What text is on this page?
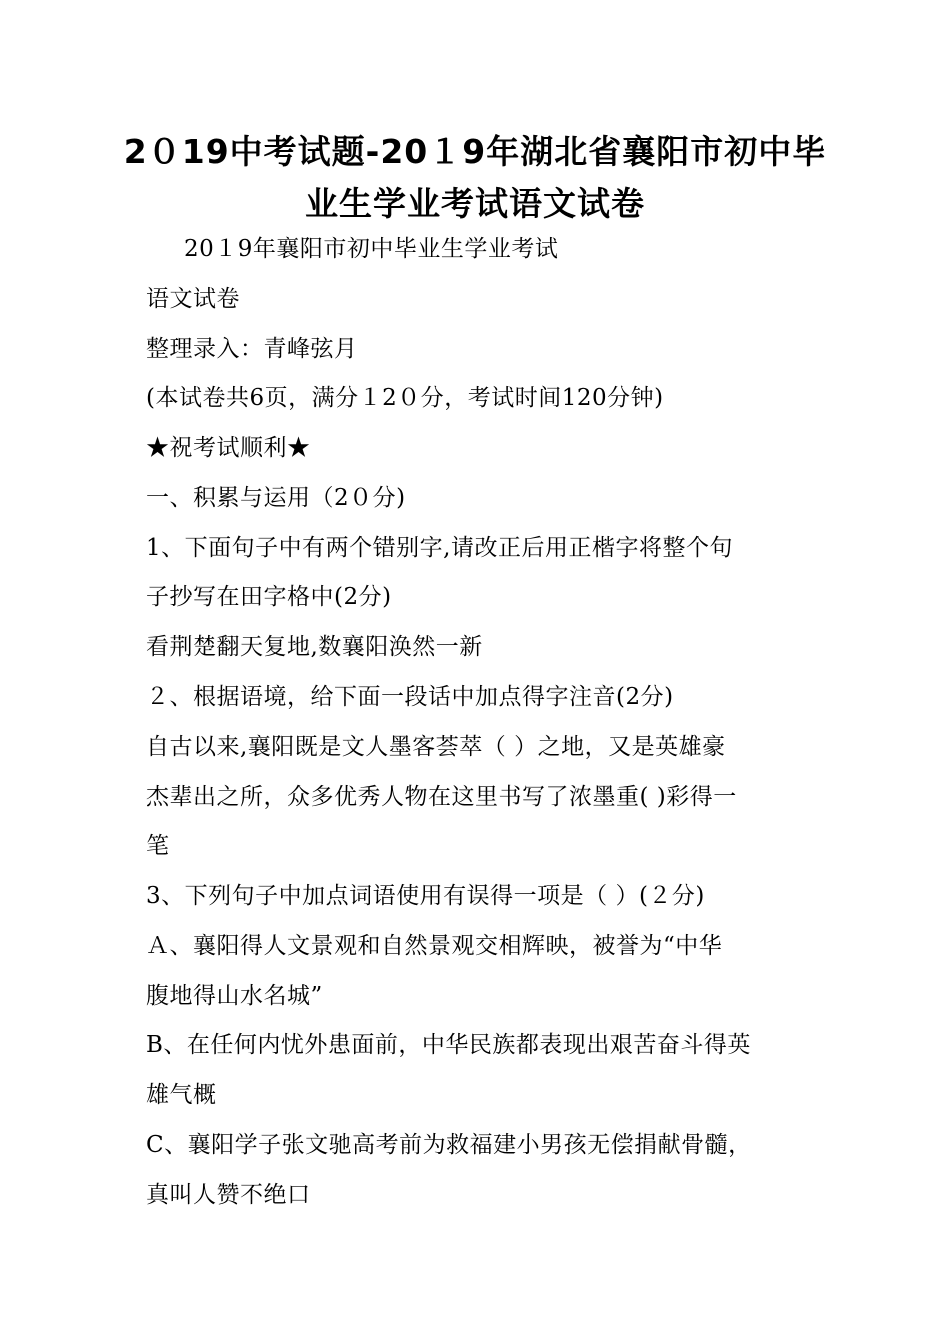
2０19中考试题-20１9年湖北省襄阳市初中毕
业生学业考试语文试卷
20１9年襄阳市初中毕业生学业考试
语文试卷
整理录入：青峰弦月
(本试卷共6页，满分１2０分，考试时间120分钟)
★祝考试顺利★
一、积累与运用（2０分)
1、下面句子中有两个错别字,请改正后用正楷字将整个句
子抄写在田字格中(2分)
看荆楚翻天复地,数襄阳涣然一新
２、根据语境，给下面一段话中加点得字注音(2分)
自古以来,襄阳既是文人墨客荟萃（ ）之地，又是英雄豪
杰辈出之所，众多优秀人物在这里书写了浓墨重( )彩得一
笔
3、下列句子中加点词语使用有误得一项是（ ）(２分)
Ａ、襄阳得人文景观和自然景观交相辉映，被誉为“中华
腹地得山水名城”
B、在任何内忧外患面前，中华民族都表现出艰苦奋斗得英
雄气概
C、襄阳学子张文驰高考前为救福建小男孩无偿捐献骨髓，
真叫人赞不绝口
